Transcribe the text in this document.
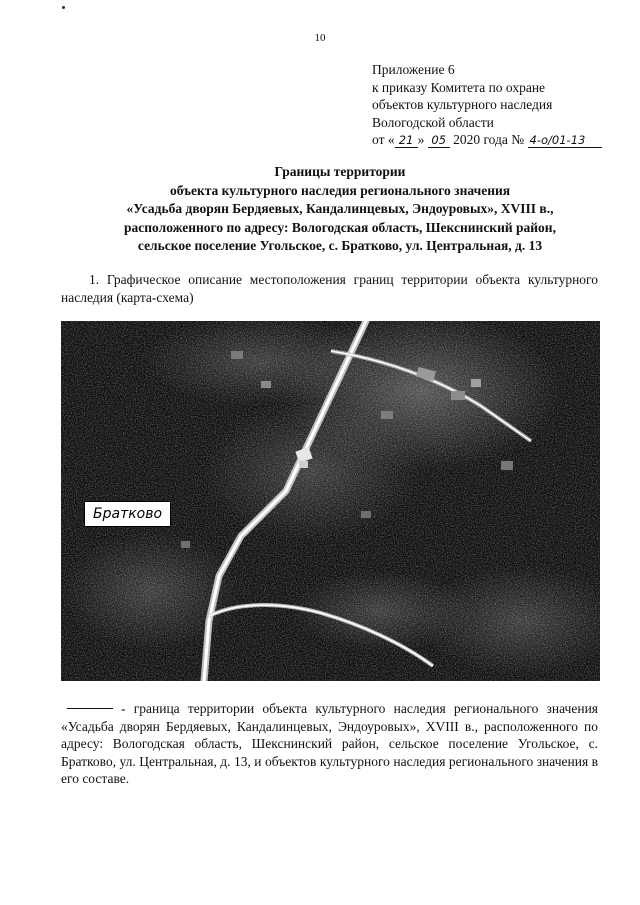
10
Приложение 6
к приказу Комитета по охране
объектов культурного наследия
Вологодской области
от « 21 » 05 2020 года № 4-о/01-13
Границы территории
объекта культурного наследия регионального значения
«Усадьба дворян Бердяевых, Кандалинцевых, Эндоуровых», XVIII в.,
расположенного по адресу: Вологодская область, Шекснинский район,
сельское поселение Угольское, с. Братково, ул. Центральная, д. 13
1. Графическое описание местоположения границ территории объекта культурного наследия (карта-схема)
Братково
- граница территории объекта культурного наследия регионального значения «Усадьба дворян Бердяевых, Кандалинцевых, Эндоуровых», XVIII в., расположенного по адресу: Вологодская область, Шекснинский район, сельское поселение Угольское, с. Братково, ул. Центральная, д. 13, и объектов культурного наследия регионального значения в его составе.
